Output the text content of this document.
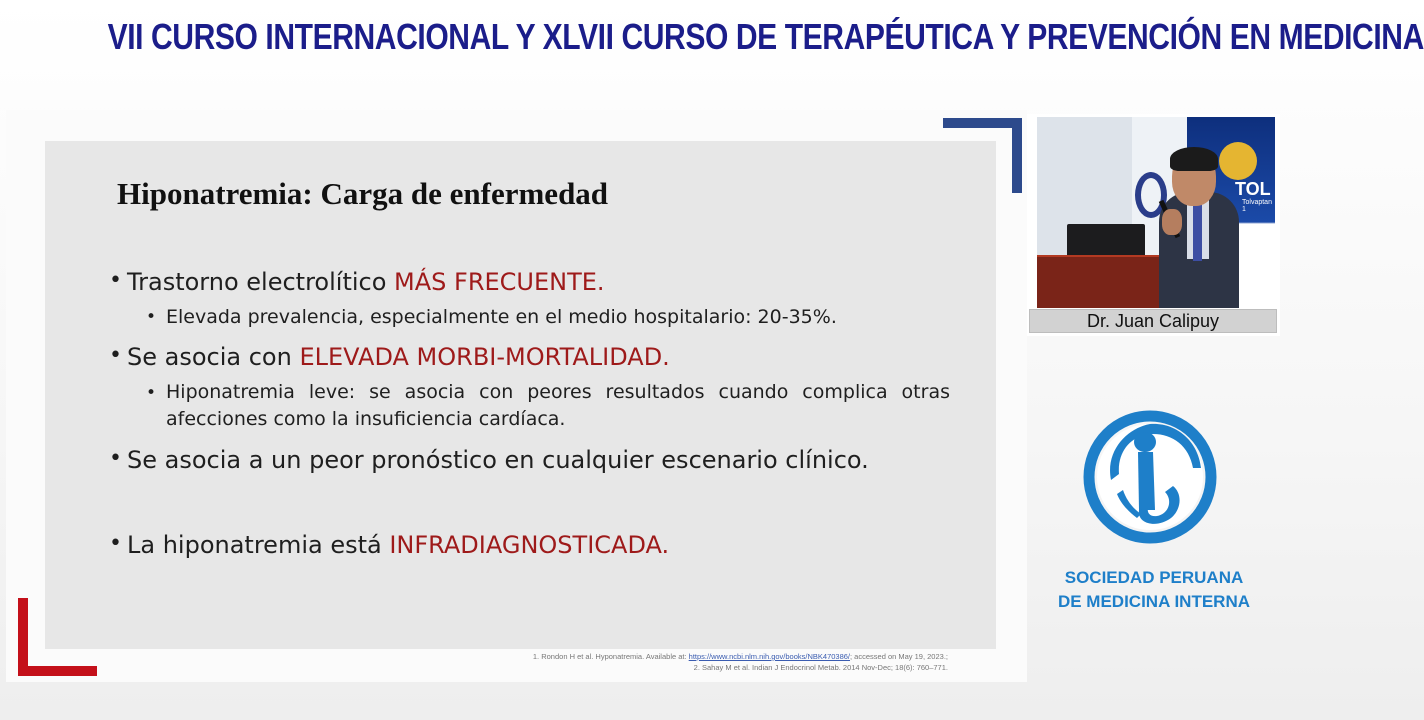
VII CURSO INTERNACIONAL Y XLVII CURSO DE TERAPÉUTICA Y PREVENCIÓN EN MEDICINA
Hiponatremia: Carga de enfermedad
• Trastorno electrolítico MÁS FRECUENTE.
• Elevada prevalencia, especialmente en el medio hospitalario: 20-35%.
• Se asocia con ELEVADA MORBI-MORTALIDAD.
• Hiponatremia leve: se asocia con peores resultados cuando complica otras afecciones como la insuficiencia cardíaca.
• Se asocia a un peor pronóstico en cualquier escenario clínico.
• La hiponatremia está INFRADIAGNOSTICADA.
1. Rondon H et al. Hyponatremia. Available at: https://www.ncbi.nlm.nih.gov/books/NBK470386/; accessed on May 19, 2023.;
2. Sahay M et al. Indian J Endocrinol Metab. 2014 Nov-Dec; 18(6): 760–771.
TOL
Tolvaptan 1
Dr. Juan Calipuy
SOCIEDAD PERUANA
DE MEDICINA INTERNA
